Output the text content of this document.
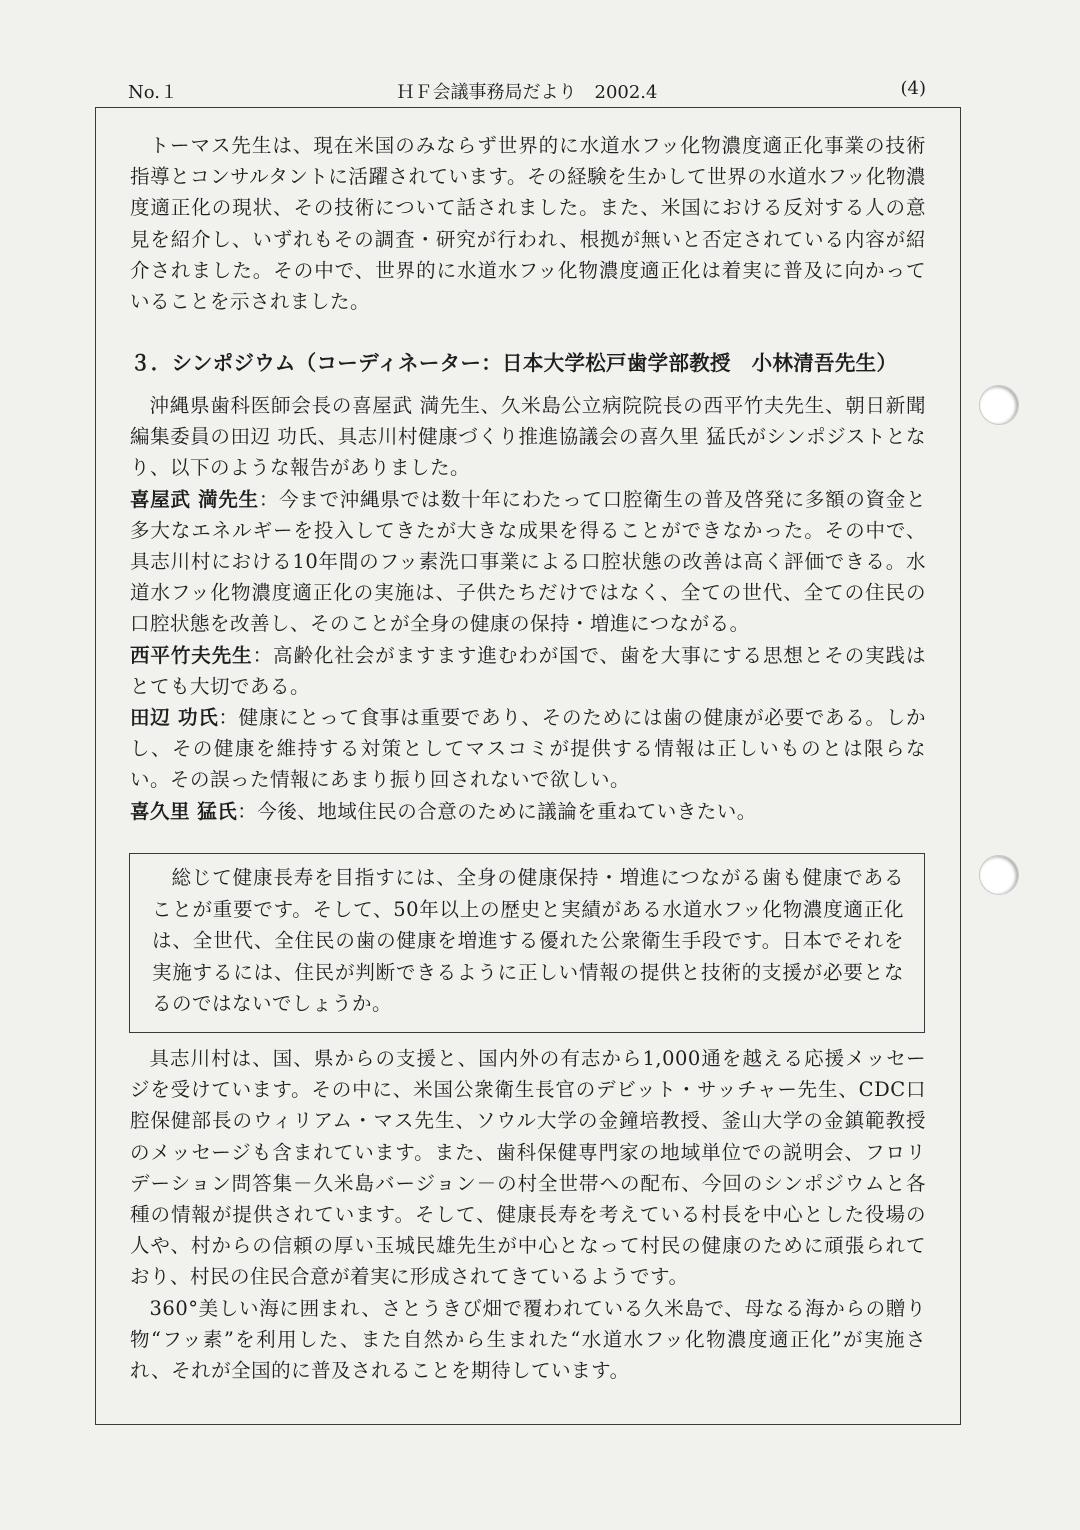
No.１	ＨＦ会議事務局だより　2002.4	(4)

トーマス先生は、現在米国のみならず世界的に水道水フッ化物濃度適正化事業の技術指導とコンサルタントに活躍されています。その経験を生かして世界の水道水フッ化物濃度適正化の現状、その技術について話されました。また、米国における反対する人の意見を紹介し、いずれもその調査・研究が行われ、根拠が無いと否定されている内容が紹介されました。その中で、世界的に水道水フッ化物濃度適正化は着実に普及に向かっていることを示されました。

３．シンポジウム（コーディネーター：日本大学松戸歯学部教授　小林清吾先生）

沖縄県歯科医師会長の喜屋武 満先生、久米島公立病院院長の西平竹夫先生、朝日新聞編集委員の田辺 功氏、具志川村健康づくり推進協議会の喜久里 猛氏がシンポジストとなり、以下のような報告がありました。

喜屋武 満先生：今まで沖縄県では数十年にわたって口腔衛生の普及啓発に多額の資金と多大なエネルギーを投入してきたが大きな成果を得ることができなかった。その中で、具志川村における10年間のフッ素洗口事業による口腔状態の改善は高く評価できる。水道水フッ化物濃度適正化の実施は、子供たちだけではなく、全ての世代、全ての住民の口腔状態を改善し、そのことが全身の健康の保持・増進につながる。

西平竹夫先生：高齢化社会がますます進むわが国で、歯を大事にする思想とその実践はとても大切である。

田辺 功氏：健康にとって食事は重要であり、そのためには歯の健康が必要である。しかし、その健康を維持する対策としてマスコミが提供する情報は正しいものとは限らない。その誤った情報にあまり振り回されないで欲しい。

喜久里 猛氏：今後、地域住民の合意のために議論を重ねていきたい。

総じて健康長寿を目指すには、全身の健康保持・増進につながる歯も健康であることが重要です。そして、50年以上の歴史と実績がある水道水フッ化物濃度適正化は、全世代、全住民の歯の健康を増進する優れた公衆衛生手段です。日本でそれを実施するには、住民が判断できるように正しい情報の提供と技術的支援が必要となるのではないでしょうか。

具志川村は、国、県からの支援と、国内外の有志から1,000通を越える応援メッセージを受けています。その中に、米国公衆衛生長官のデビット・サッチャー先生、CDC口腔保健部長のウィリアム・マス先生、ソウル大学の金鐘培教授、釜山大学の金鎮範教授のメッセージも含まれています。また、歯科保健専門家の地域単位での説明会、フロリデーション問答集－久米島バージョン－の村全世帯への配布、今回のシンポジウムと各種の情報が提供されています。そして、健康長寿を考えている村長を中心とした役場の人や、村からの信頼の厚い玉城民雄先生が中心となって村民の健康のために頑張られており、村民の住民合意が着実に形成されてきているようです。

360°美しい海に囲まれ、さとうきび畑で覆われている久米島で、母なる海からの贈り物“フッ素”を利用した、また自然から生まれた“水道水フッ化物濃度適正化”が実施され、それが全国的に普及されることを期待しています。
